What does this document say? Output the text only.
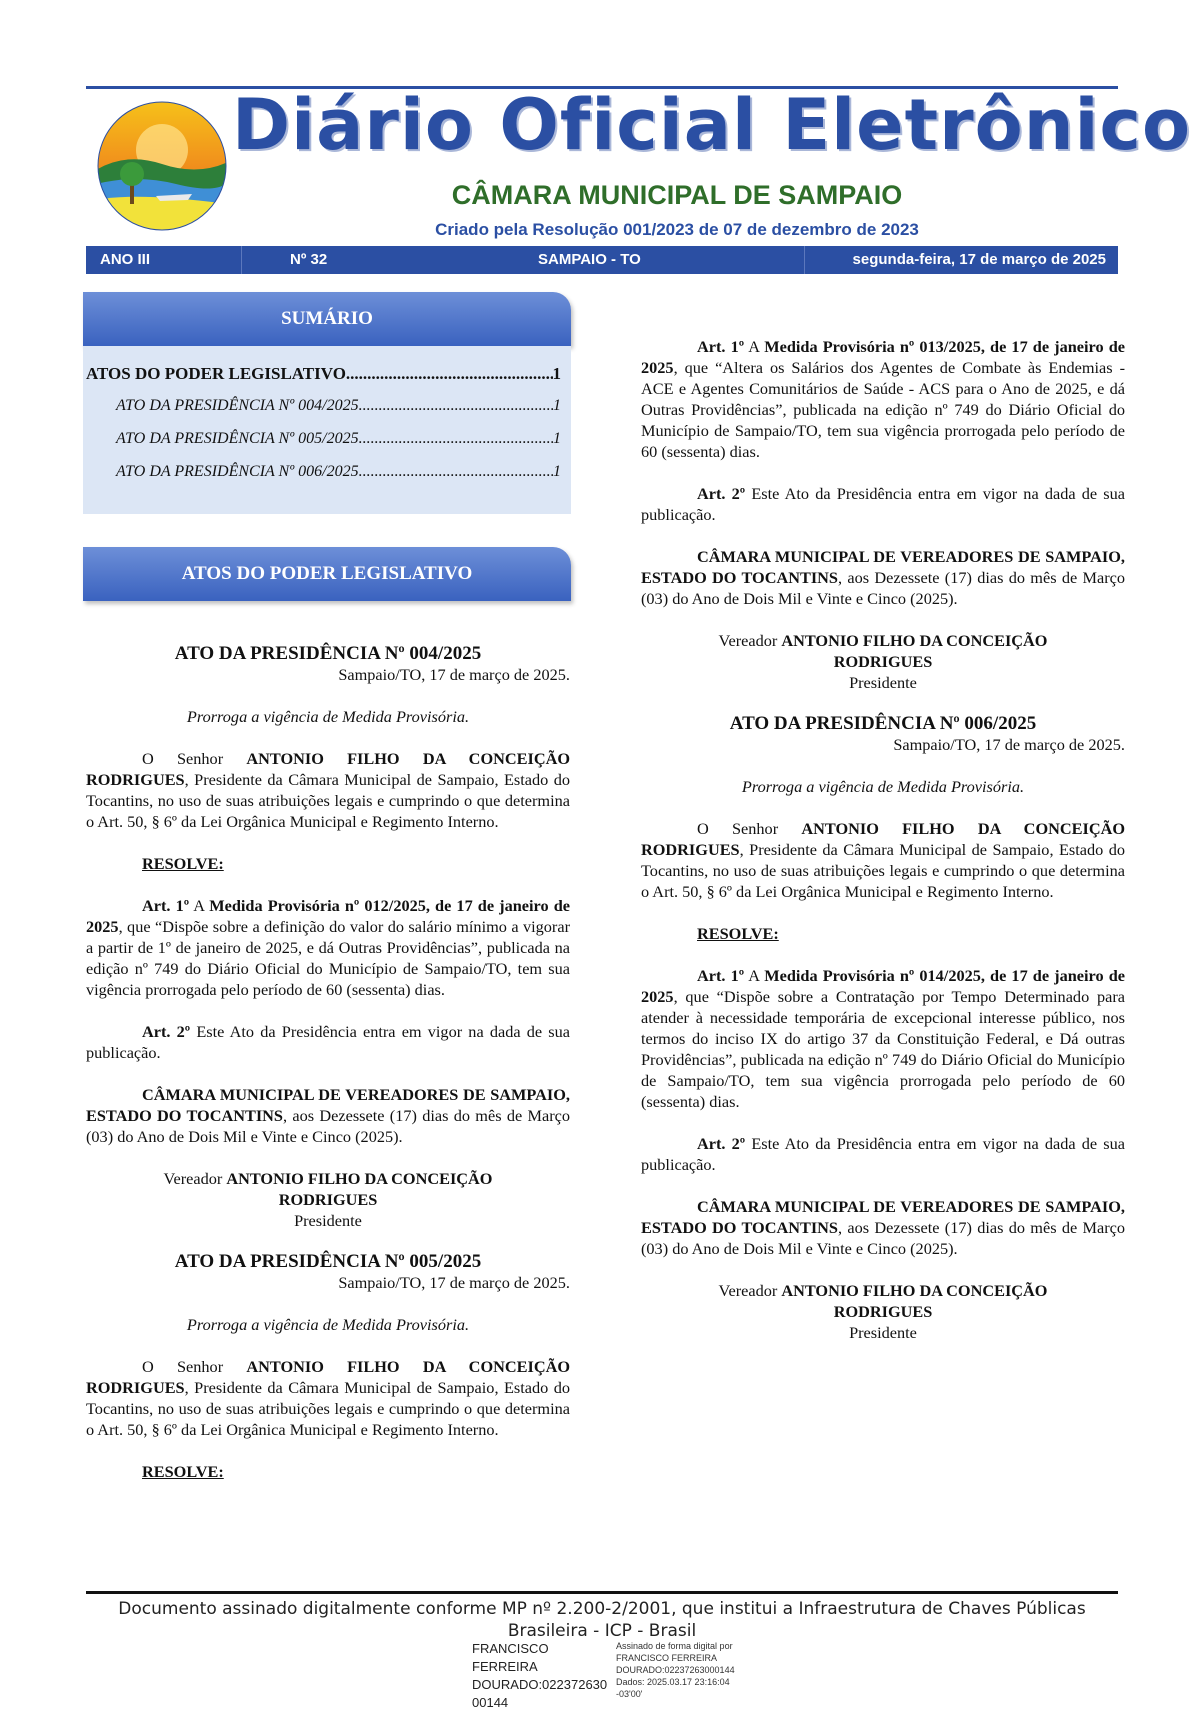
Diário Oficial Eletrônico
CÂMARA MUNICIPAL DE SAMPAIO
Criado pela Resolução 001/2023 de 07 de dezembro de 2023
ANO III	Nº 32	SAMPAIO - TO	segunda-feira, 17 de março de 2025
SUMÁRIO
ATOS DO PODER LEGISLATIVO .....	1
ATO DA PRESIDÊNCIA Nº 004/2025 .....	1
ATO DA PRESIDÊNCIA Nº 005/2025 .....	1
ATO DA PRESIDÊNCIA Nº 006/2025 .....	1
ATOS DO PODER LEGISLATIVO

ATO DA PRESIDÊNCIA Nº 004/2025

Sampaio/TO, 17 de março de 2025.

Prorroga a vigência de Medida Provisória.

O Senhor ANTONIO FILHO DA CONCEIÇÃO RODRIGUES, Presidente da Câmara Municipal de Sampaio, Estado do Tocantins, no uso de suas atribuições legais e cumprindo o que determina o Art. 50, § 6º da Lei Orgânica Municipal e Regimento Interno.

RESOLVE:

Art. 1º A Medida Provisória nº 012/2025, de 17 de janeiro de 2025, que “Dispõe sobre a definição do valor do salário mínimo a vigorar a partir de 1º de janeiro de 2025, e dá Outras Providências”, publicada na edição nº 749 do Diário Oficial do Município de Sampaio/TO, tem sua vigência prorrogada pelo período de 60 (sessenta) dias.

Art. 2º Este Ato da Presidência entra em vigor na dada de sua publicação.

CÂMARA MUNICIPAL DE VEREADORES DE SAMPAIO, ESTADO DO TOCANTINS, aos Dezessete (17) dias do mês de Março (03) do Ano de Dois Mil e Vinte e Cinco (2025).

Vereador ANTONIO FILHO DA CONCEIÇÃO
RODRIGUES
Presidente

ATO DA PRESIDÊNCIA Nº 005/2025

Sampaio/TO, 17 de março de 2025.

Prorroga a vigência de Medida Provisória.

O Senhor ANTONIO FILHO DA CONCEIÇÃO RODRIGUES, Presidente da Câmara Municipal de Sampaio, Estado do Tocantins, no uso de suas atribuições legais e cumprindo o que determina o Art. 50, § 6º da Lei Orgânica Municipal e Regimento Interno.

RESOLVE:

Art. 1º A Medida Provisória nº 013/2025, de 17 de janeiro de 2025, que “Altera os Salários dos Agentes de Combate às Endemias - ACE e Agentes Comunitários de Saúde - ACS para o Ano de 2025, e dá Outras Providências”, publicada na edição nº 749 do Diário Oficial do Município de Sampaio/TO, tem sua vigência prorrogada pelo período de 60 (sessenta) dias.

Art. 2º Este Ato da Presidência entra em vigor na dada de sua publicação.

CÂMARA MUNICIPAL DE VEREADORES DE SAMPAIO, ESTADO DO TOCANTINS, aos Dezessete (17) dias do mês de Março (03) do Ano de Dois Mil e Vinte e Cinco (2025).

Vereador ANTONIO FILHO DA CONCEIÇÃO
RODRIGUES
Presidente

ATO DA PRESIDÊNCIA Nº 006/2025

Sampaio/TO, 17 de março de 2025.

Prorroga a vigência de Medida Provisória.

O Senhor ANTONIO FILHO DA CONCEIÇÃO RODRIGUES, Presidente da Câmara Municipal de Sampaio, Estado do Tocantins, no uso de suas atribuições legais e cumprindo o que determina o Art. 50, § 6º da Lei Orgânica Municipal e Regimento Interno.

RESOLVE:

Art. 1º A Medida Provisória nº 014/2025, de 17 de janeiro de 2025, que “Dispõe sobre a Contratação por Tempo Determinado para atender à necessidade temporária de excepcional interesse público, nos termos do inciso IX do artigo 37 da Constituição Federal, e Dá outras Providências”, publicada na edição nº 749 do Diário Oficial do Município de Sampaio/TO, tem sua vigência prorrogada pelo período de 60 (sessenta) dias.

Art. 2º Este Ato da Presidência entra em vigor na dada de sua publicação.

CÂMARA MUNICIPAL DE VEREADORES DE SAMPAIO, ESTADO DO TOCANTINS, aos Dezessete (17) dias do mês de Março (03) do Ano de Dois Mil e Vinte e Cinco (2025).

Vereador ANTONIO FILHO DA CONCEIÇÃO
RODRIGUES
Presidente

Documento assinado digitalmente conforme MP nº 2.200-2/2001, que institui a Infraestrutura de Chaves Públicas
Brasileira - ICP - Brasil
FRANCISCO FERREIRA
DOURADO:022372630
00144
Assinado de forma digital por
FRANCISCO FERREIRA
DOURADO:02237263000144
Dados: 2025.03.17 23:16:04
-03'00'
